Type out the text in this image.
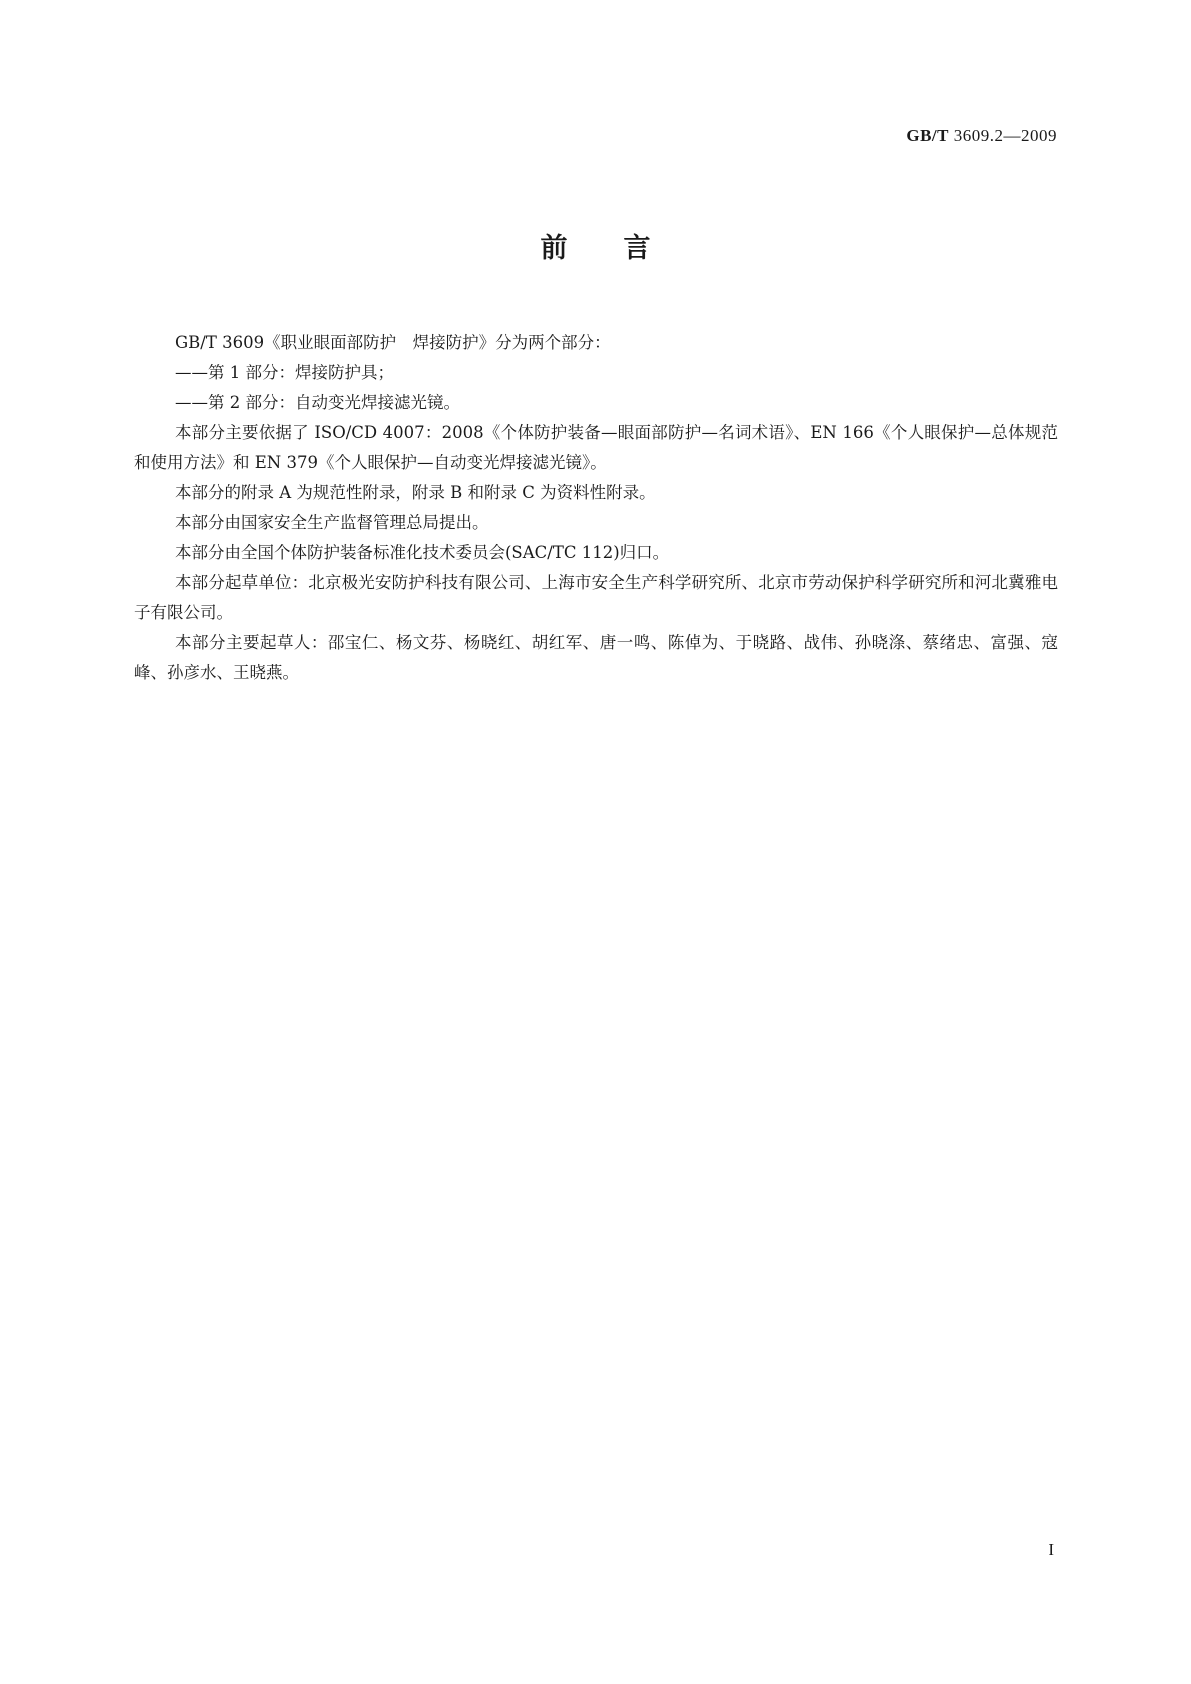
GB/T 3609.2—2009
前言

GB/T 3609《职业眼面部防护　焊接防护》分为两个部分：

——第 1 部分：焊接防护具；

——第 2 部分：自动变光焊接滤光镜。

本部分主要依据了 ISO/CD 4007：2008《个体防护装备—眼面部防护—名词术语》、EN 166《个人眼保护—总体规范和使用方法》和 EN 379《个人眼保护—自动变光焊接滤光镜》。

本部分的附录 A 为规范性附录，附录 B 和附录 C 为资料性附录。

本部分由国家安全生产监督管理总局提出。

本部分由全国个体防护装备标准化技术委员会(SAC/TC 112)归口。

本部分起草单位：北京极光安防护科技有限公司、上海市安全生产科学研究所、北京市劳动保护科学研究所和河北冀雅电子有限公司。

本部分主要起草人：邵宝仁、杨文芬、杨晓红、胡红军、唐一鸣、陈倬为、于晓路、战伟、孙晓涤、蔡绪忠、富强、寇峰、孙彦水、王晓燕。

I
